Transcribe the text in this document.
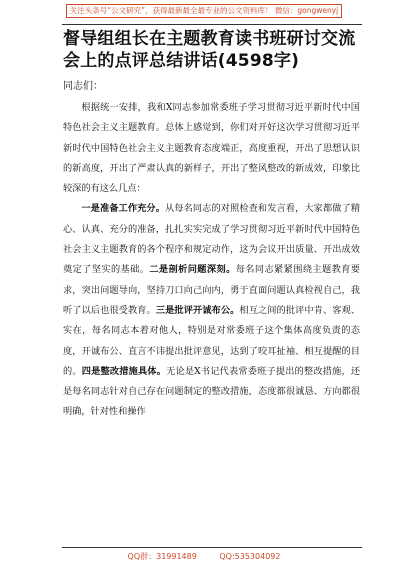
关注头条号“公文研究”，获得最新最全最专业的公文资料库！ 微信：gongwenyj
督导组组长在主题教育读书班研讨交流会上的点评总结讲话(4598字)
同志们：

根据统一安排，我和X同志参加常委班子学习贯彻习近平新时代中国特色社会主义主题教育。总体上感觉到，你们对开好这次学习贯彻习近平新时代中国特色社会主义主题教育态度端正，高度重视，开出了思想认识的新高度，开出了严肃认真的新样子，开出了整风整改的新成效，印象比较深的有这么几点：

一是准备工作充分。从每名同志的对照检查和发言看，大家都做了精心、认真、充分的准备，扎扎实实完成了学习贯彻习近平新时代中国特色社会主义主题教育的各个程序和规定动作，这为会议开出质量、开出成效奠定了坚实的基础。二是剖析问题深刻。每名同志紧紧围绕主题教育要求，突出问题导向，坚持刀口向己向内，勇于直面问题认真检视自己，我听了以后也很受教育。三是批评开诚布公。相互之间的批评中肯、客观、实在，每名同志本着对他人，特别是对常委班子这个集体高度负责的态度，开诚布公、直言不讳提出批评意见，达到了咬耳扯袖、相互提醒的目的。四是整改措施具体。无论是X书记代表常委班子提出的整改措施，还是每名同志针对自己存在问题制定的整改措施，态度都很诚恳、方向都很明确，针对性和操作

QQ群：31991489	QQ:535304092
